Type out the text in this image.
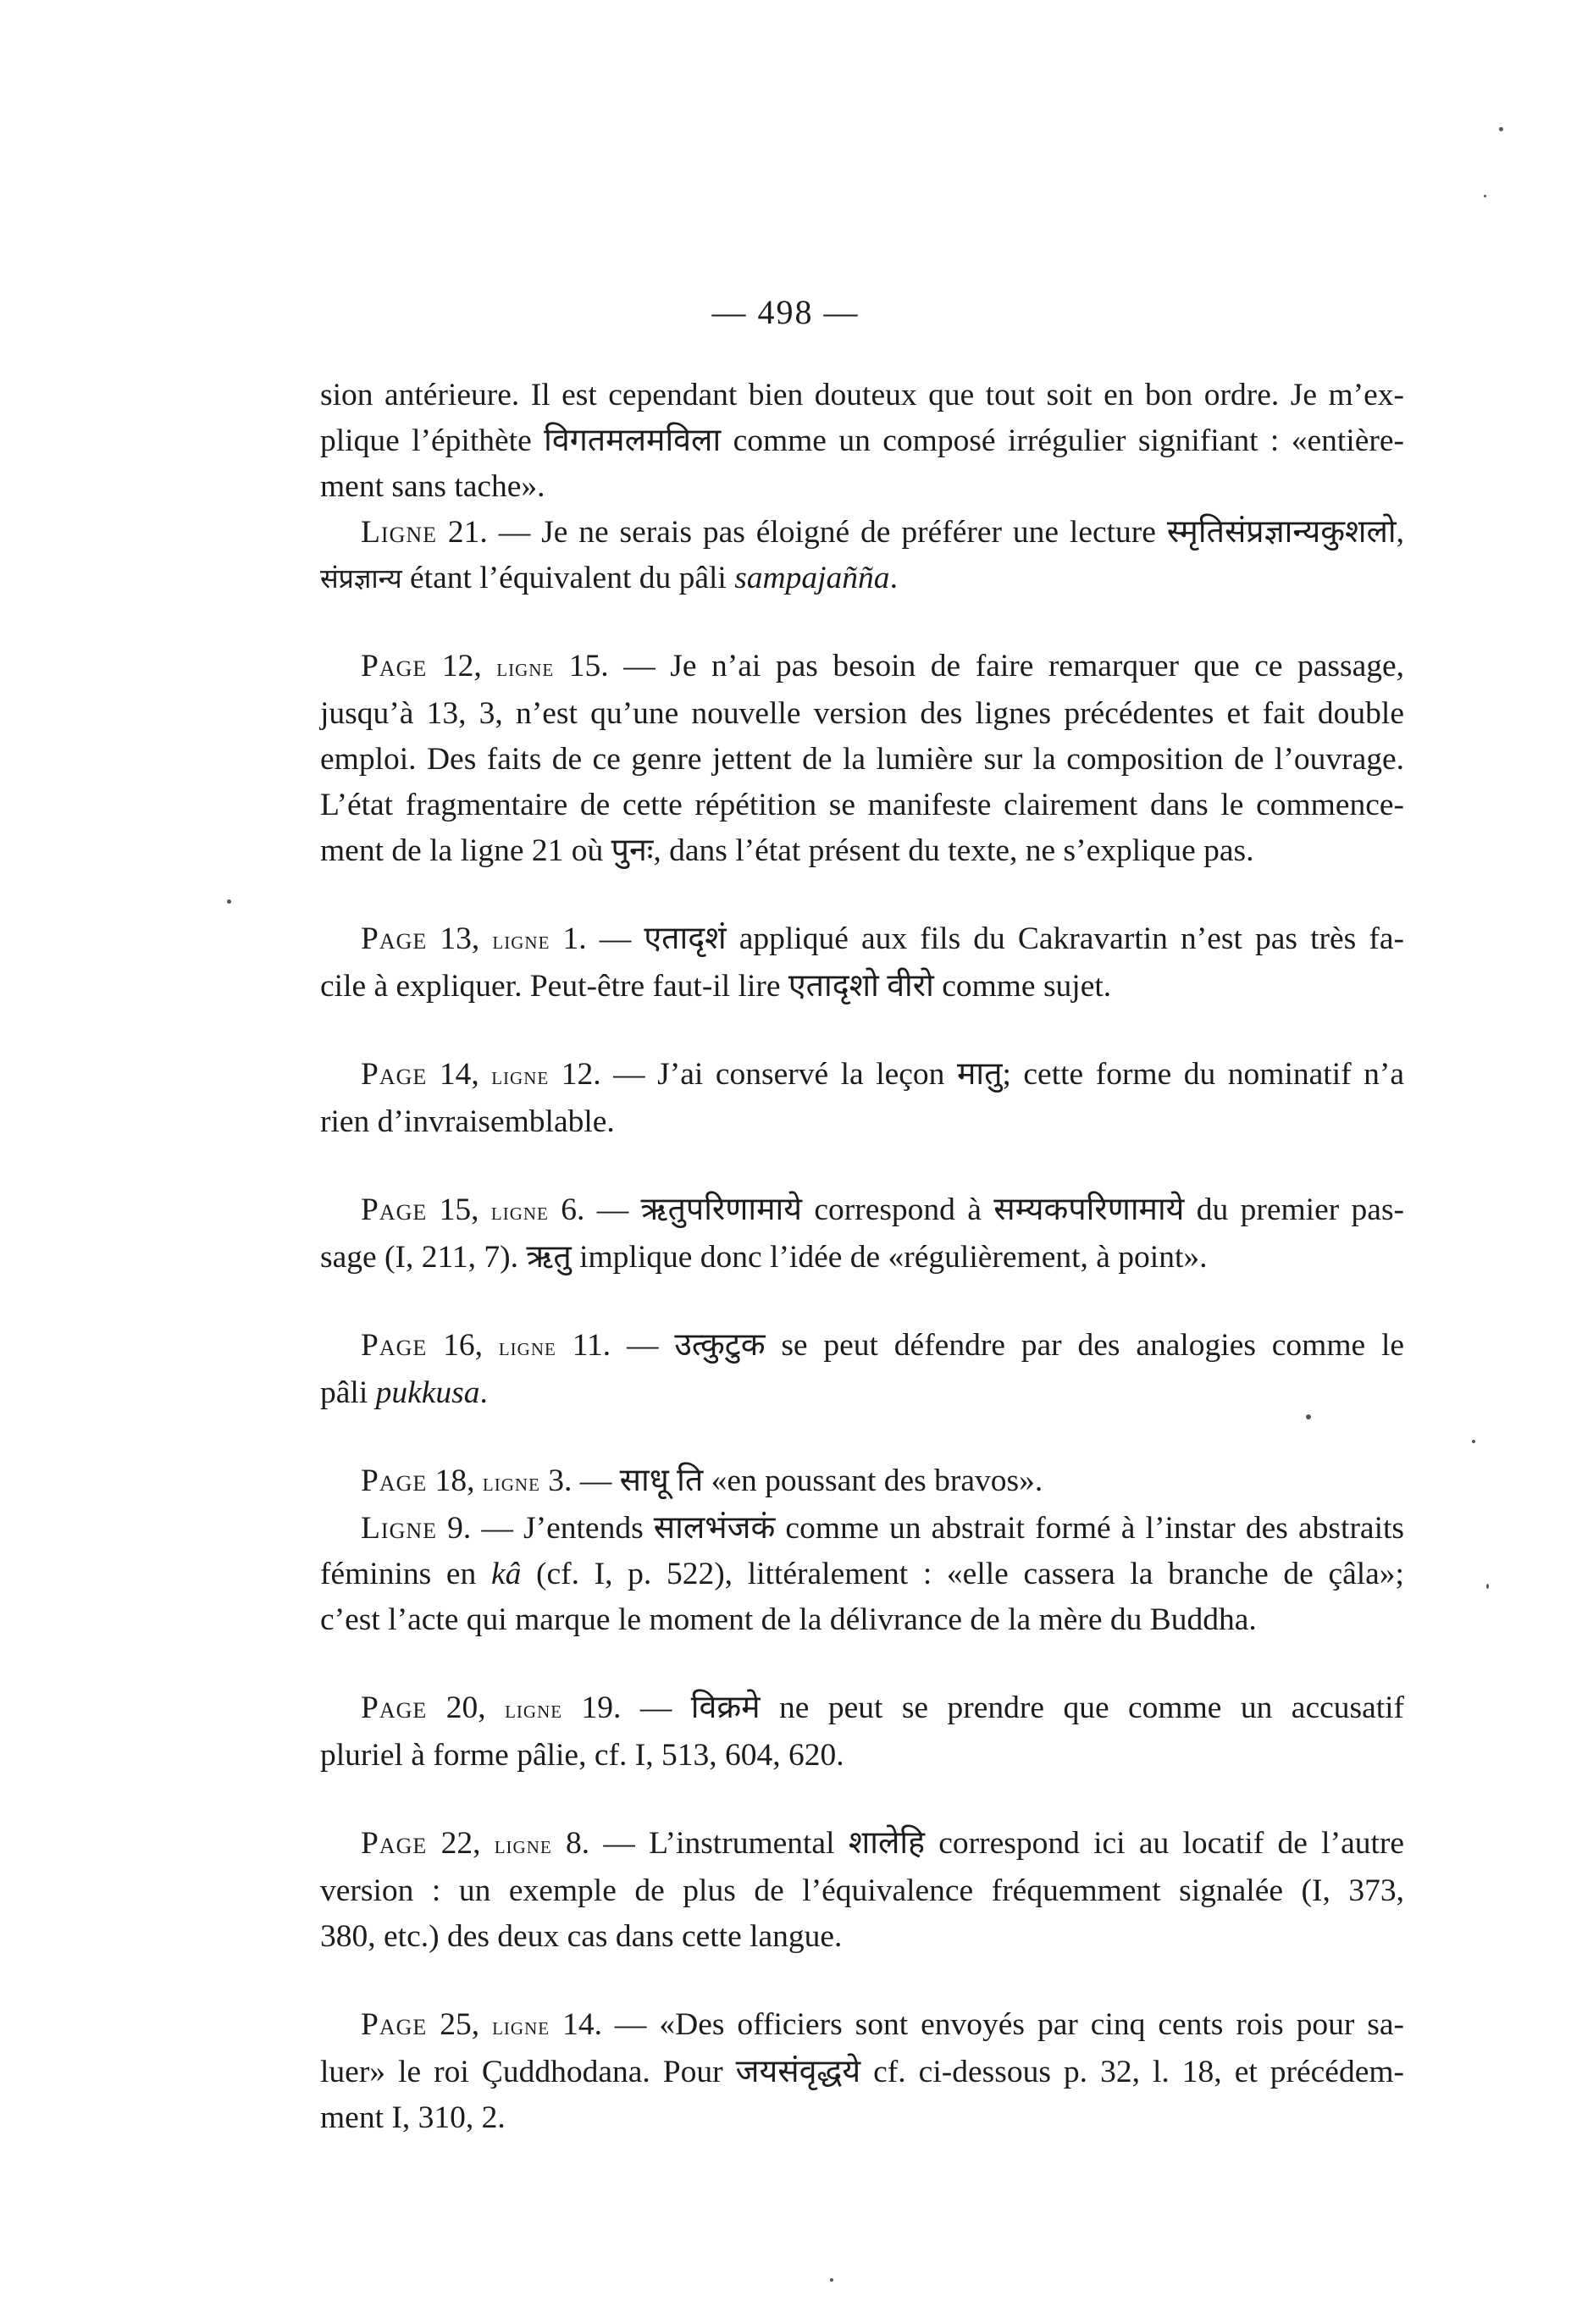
— 498 —
sion antérieure. Il est cependant bien douteux que tout soit en bon ordre. Je m’ex-
plique l’épithète विगतमलमविला comme un composé irrégulier signifiant : «entière-
ment sans tache».
Ligne 21. — Je ne serais pas éloigné de préférer une lecture स्मृतिसंप्रज्ञान्यकुशलो,
संप्रज्ञान्य étant l’équivalent du pâli sampajañña.
Page 12, ligne 15. — Je n’ai pas besoin de faire remarquer que ce passage,
jusqu’à 13, 3, n’est qu’une nouvelle version des lignes précédentes et fait double
emploi. Des faits de ce genre jettent de la lumière sur la composition de l’ouvrage.
L’état fragmentaire de cette répétition se manifeste clairement dans le commence-
ment de la ligne 21 où पुनः, dans l’état présent du texte, ne s’explique pas.
Page 13, ligne 1. — एतादृशं appliqué aux fils du Cakravartin n’est pas très fa-
cile à expliquer. Peut-être faut-il lire एतादृशो वीरो comme sujet.
Page 14, ligne 12. — J’ai conservé la leçon मातु; cette forme du nominatif n’a
rien d’invraisemblable.
Page 15, ligne 6. — ऋतुपरिणामाये correspond à सम्यकपरिणामाये du premier pas-
sage (I, 211, 7). ऋतु implique donc l’idée de «régulièrement, à point».
Page 16, ligne 11. — उत्कुटुक se peut défendre par des analogies comme le
pâli pukkusa.
Page 18, ligne 3. — साधू ति «en poussant des bravos».
Ligne 9. — J’entends सालभंजकं comme un abstrait formé à l’instar des abstraits
féminins en kâ (cf. I, p. 522), littéralement : «elle cassera la branche de çâla»;
c’est l’acte qui marque le moment de la délivrance de la mère du Buddha.
Page 20, ligne 19. — विक्रमे ne peut se prendre que comme un accusatif
pluriel à forme pâlie, cf. I, 513, 604, 620.
Page 22, ligne 8. — L’instrumental शालेहि correspond ici au locatif de l’autre
version : un exemple de plus de l’équivalence fréquemment signalée (I, 373,
380, etc.) des deux cas dans cette langue.
Page 25, ligne 14. — «Des officiers sont envoyés par cinq cents rois pour sa-
luer» le roi Çuddhodana. Pour जयसंवृद्धये cf. ci-dessous p. 32, l. 18, et précédem-
ment I, 310, 2.
